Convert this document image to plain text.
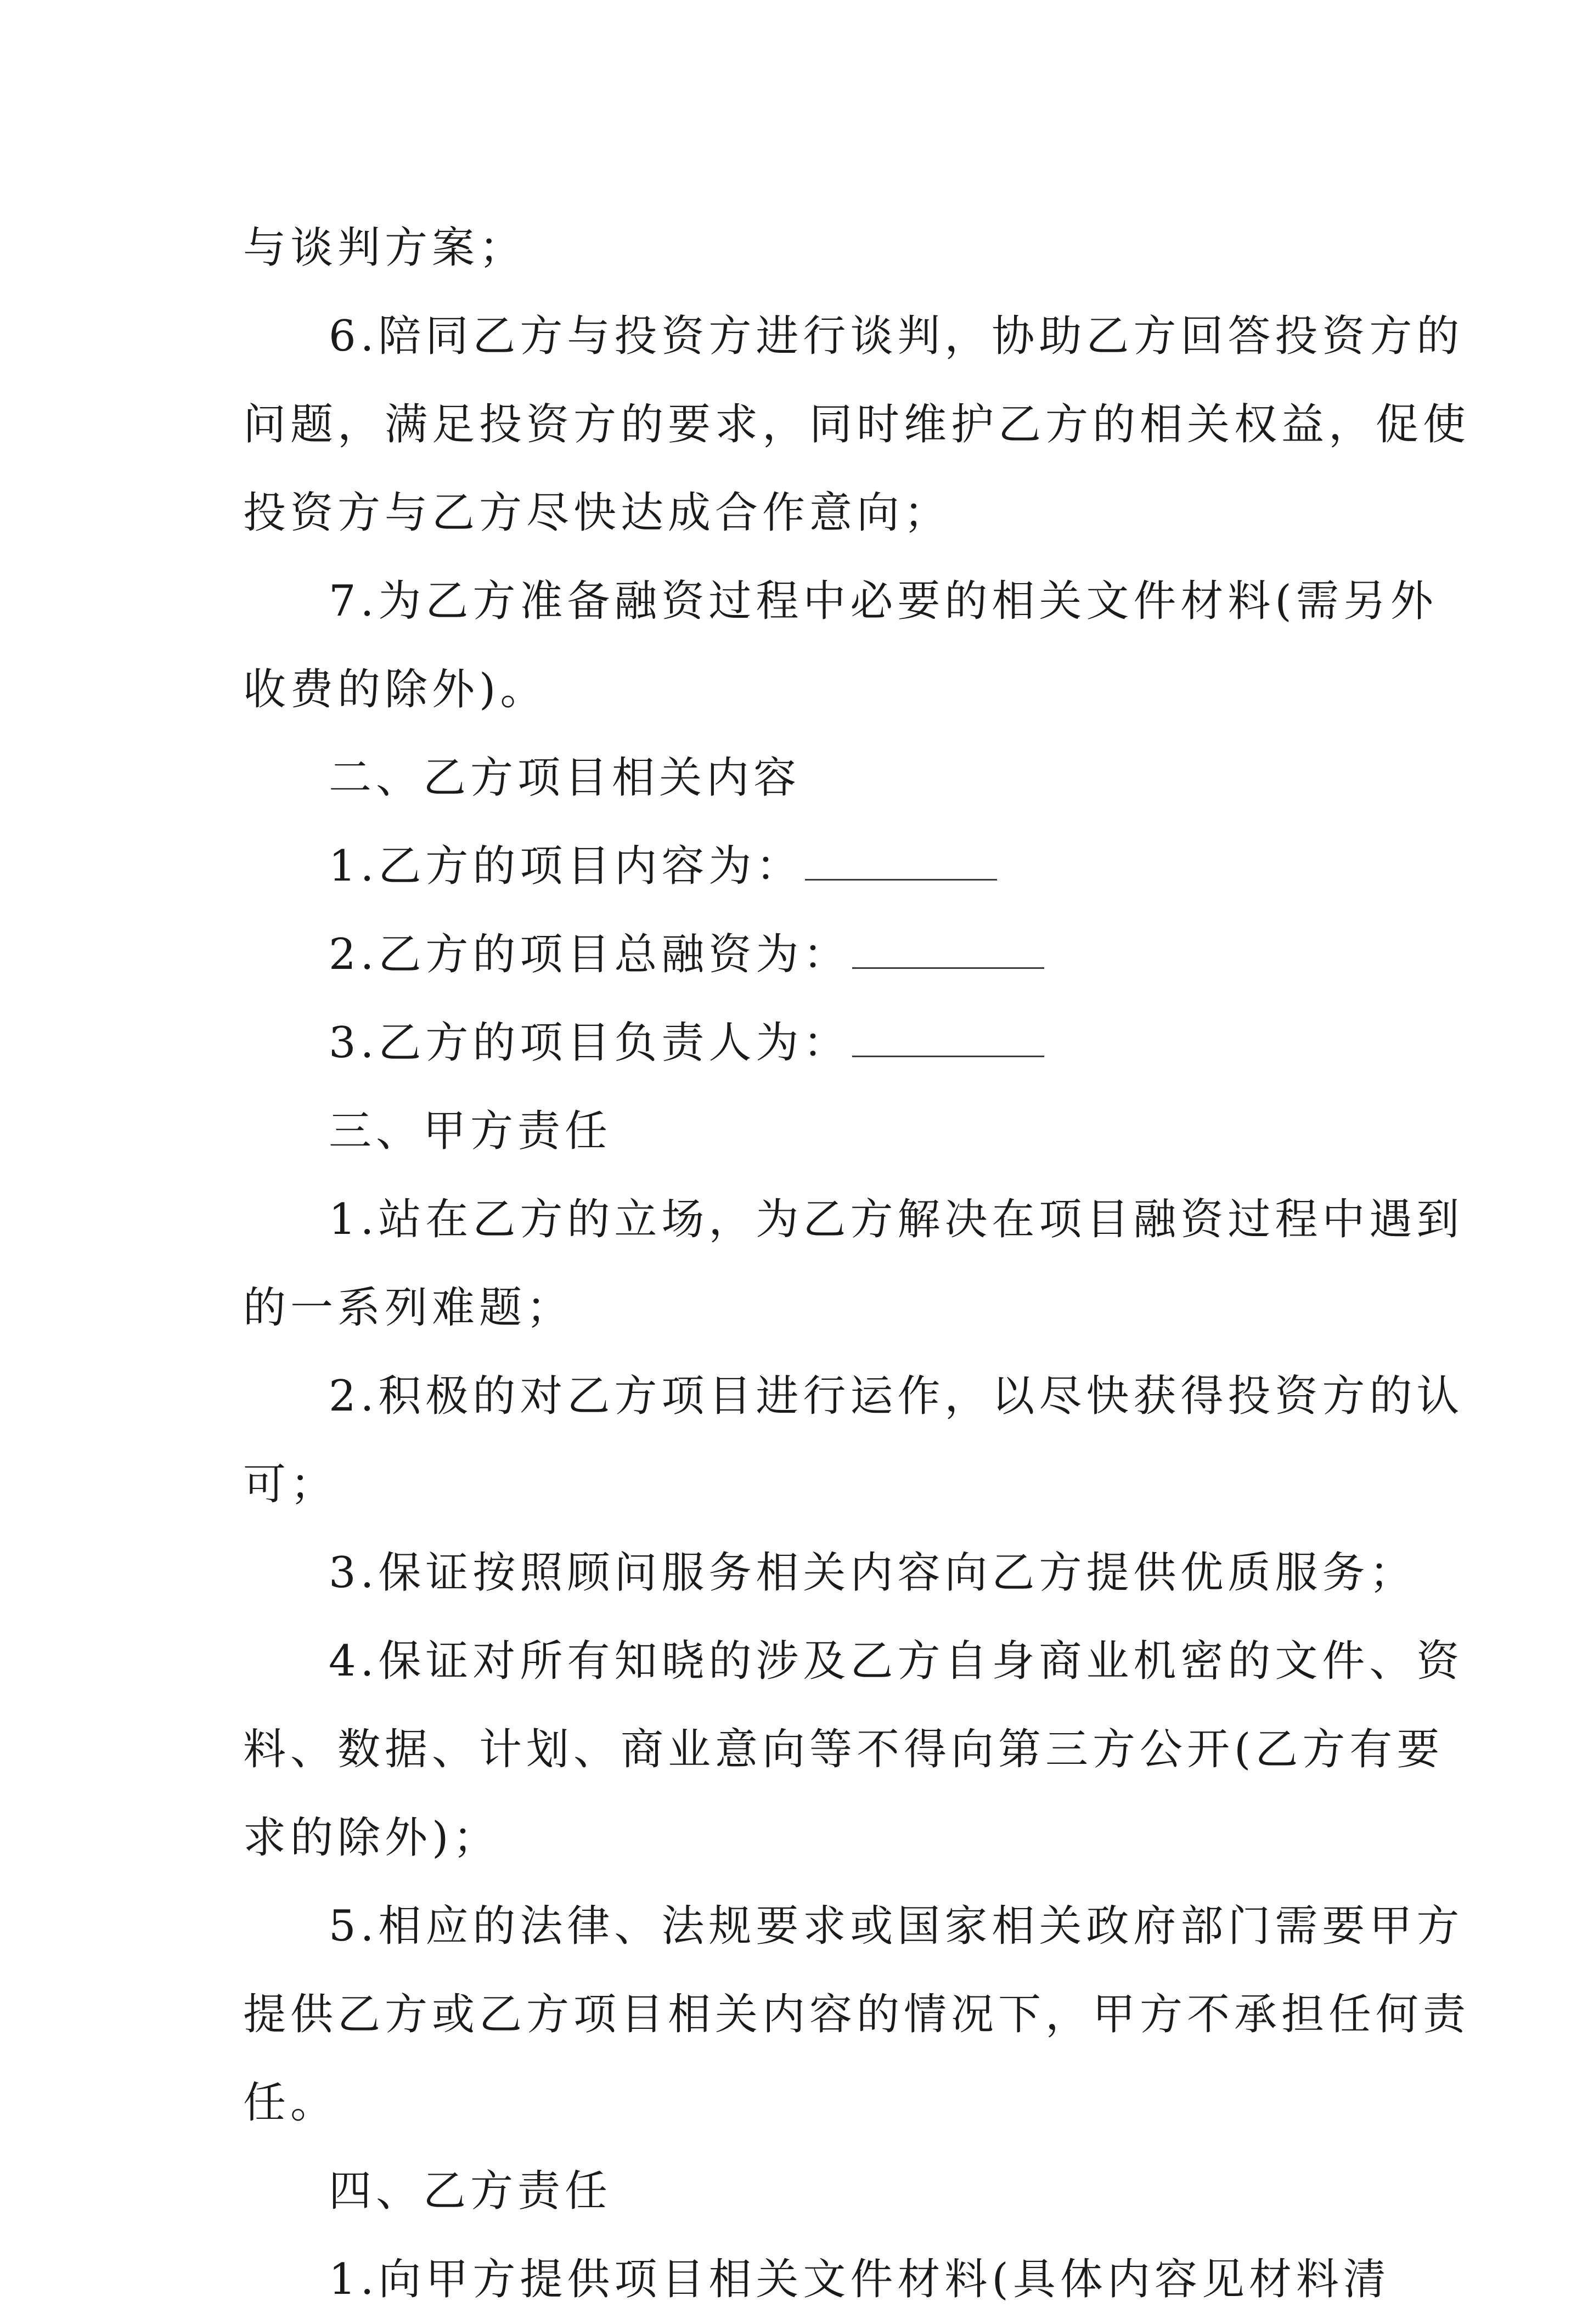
与谈判方案；
6.陪同乙方与投资方进行谈判，协助乙方回答投资方的
问题，满足投资方的要求，同时维护乙方的相关权益，促使
投资方与乙方尽快达成合作意向；
7.为乙方准备融资过程中必要的相关文件材料(需另外
收费的除外)。
二、乙方项目相关内容
1.乙方的项目内容为：
2.乙方的项目总融资为：
3.乙方的项目负责人为：
三、甲方责任
1.站在乙方的立场，为乙方解决在项目融资过程中遇到
的一系列难题；
2.积极的对乙方项目进行运作，以尽快获得投资方的认
可；
3.保证按照顾问服务相关内容向乙方提供优质服务；
4.保证对所有知晓的涉及乙方自身商业机密的文件、资
料、数据、计划、商业意向等不得向第三方公开(乙方有要
求的除外)；
5.相应的法律、法规要求或国家相关政府部门需要甲方
提供乙方或乙方项目相关内容的情况下，甲方不承担任何责
任。
四、乙方责任
1.向甲方提供项目相关文件材料(具体内容见材料清
